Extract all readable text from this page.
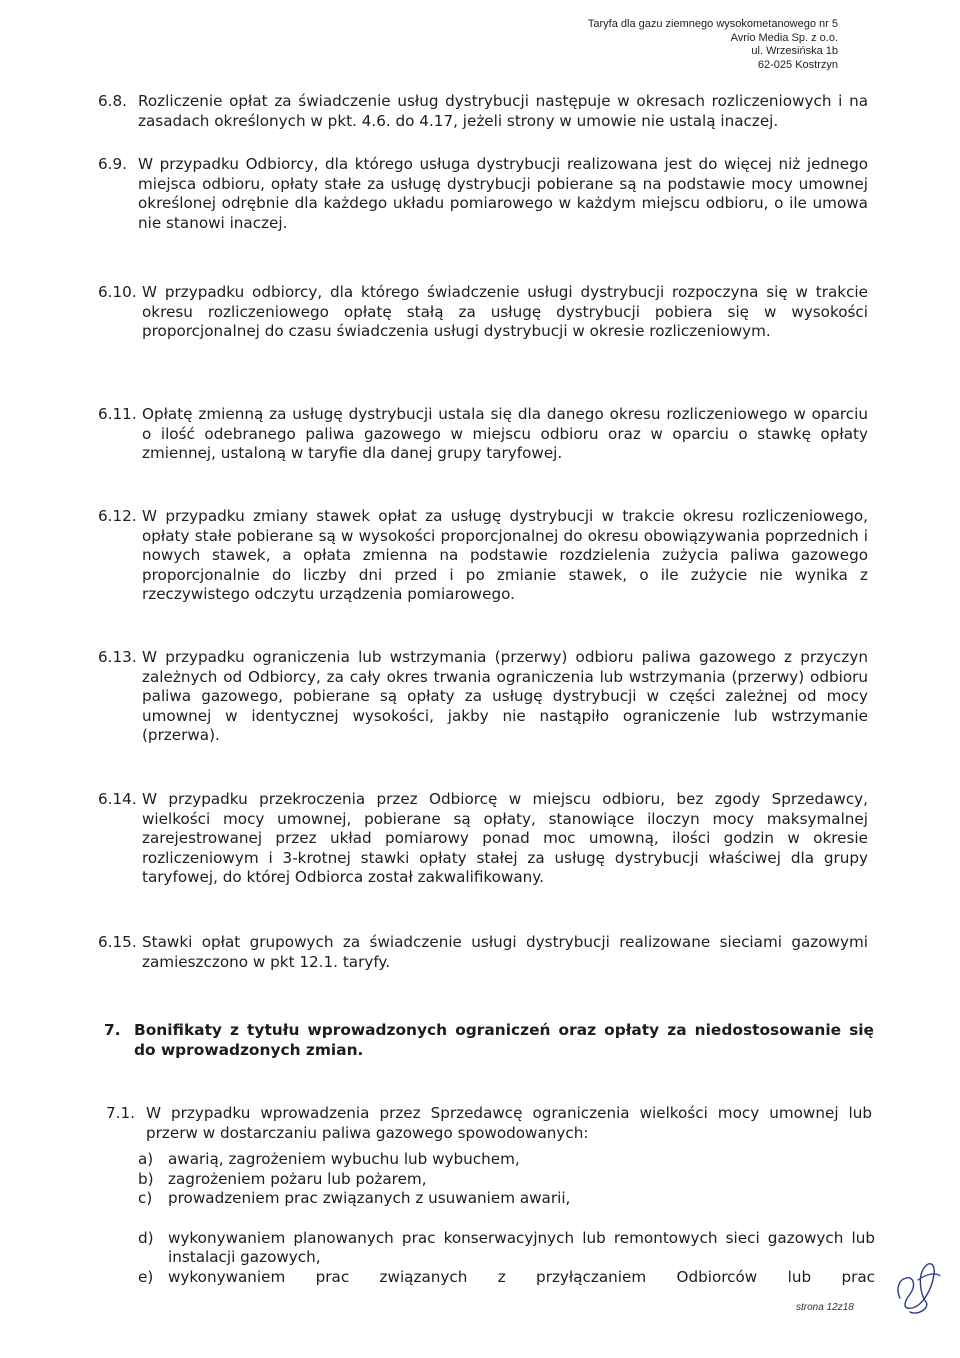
Taryfa dla gazu ziemnego wysokometanowego nr 5
Avrio Media Sp. z o.o.
ul. Wrzesińska 1b
62-025 Kostrzyn
6.8. Rozliczenie opłat za świadczenie usług dystrybucji następuje w okresach rozliczeniowych i na zasadach określonych w pkt. 4.6. do 4.17, jeżeli strony w umowie nie ustalą inaczej.
6.9. W przypadku Odbiorcy, dla którego usługa dystrybucji realizowana jest do więcej niż jednego miejsca odbioru, opłaty stałe za usługę dystrybucji pobierane są na podstawie mocy umownej określonej odrębnie dla każdego układu pomiarowego w każdym miejscu odbioru, o ile umowa nie stanowi inaczej.
6.10. W przypadku odbiorcy, dla którego świadczenie usługi dystrybucji rozpoczyna się w trakcie okresu rozliczeniowego opłatę stałą za usługę dystrybucji pobiera się w wysokości proporcjonalnej do czasu świadczenia usługi dystrybucji w okresie rozliczeniowym.
6.11. Opłatę zmienną za usługę dystrybucji ustala się dla danego okresu rozliczeniowego w oparciu o ilość odebranego paliwa gazowego w miejscu odbioru oraz w oparciu o stawkę opłaty zmiennej, ustaloną w taryfie dla danej grupy taryfowej.
6.12. W przypadku zmiany stawek opłat za usługę dystrybucji w trakcie okresu rozliczeniowego, opłaty stałe pobierane są w wysokości proporcjonalnej do okresu obowiązywania poprzednich i nowych stawek, a opłata zmienna na podstawie rozdzielenia zużycia paliwa gazowego proporcjonalnie do liczby dni przed i po zmianie stawek, o ile zużycie nie wynika z rzeczywistego odczytu urządzenia pomiarowego.
6.13. W przypadku ograniczenia lub wstrzymania (przerwy) odbioru paliwa gazowego z przyczyn zależnych od Odbiorcy, za cały okres trwania ograniczenia lub wstrzymania (przerwy) odbioru paliwa gazowego, pobierane są opłaty za usługę dystrybucji w części zależnej od mocy umownej w identycznej wysokości, jakby nie nastąpiło ograniczenie lub wstrzymanie (przerwa).
6.14. W przypadku przekroczenia przez Odbiorcę w miejscu odbioru, bez zgody Sprzedawcy, wielkości mocy umownej, pobierane są opłaty, stanowiące iloczyn mocy maksymalnej zarejestrowanej przez układ pomiarowy ponad moc umowną, ilości godzin w okresie rozliczeniowym i 3-krotnej stawki opłaty stałej za usługę dystrybucji właściwej dla grupy taryfowej, do której Odbiorca został zakwalifikowany.
6.15. Stawki opłat grupowych za świadczenie usługi dystrybucji realizowane sieciami gazowymi zamieszczono w pkt 12.1. taryfy.
7. Bonifikaty z tytułu wprowadzonych ograniczeń oraz opłaty za niedostosowanie się do wprowadzonych zmian.
7.1. W przypadku wprowadzenia przez Sprzedawcę ograniczenia wielkości mocy umownej lub przerw w dostarczaniu paliwa gazowego spowodowanych:
a) awarią, zagrożeniem wybuchu lub wybuchem,
b) zagrożeniem pożaru lub pożarem,
c) prowadzeniem prac związanych z usuwaniem awarii,
d) wykonywaniem planowanych prac konserwacyjnych lub remontowych sieci gazowych lub instalacji gazowych,
e) wykonywaniem prac związanych z przyłączaniem Odbiorców lub prac
strona 12z18
